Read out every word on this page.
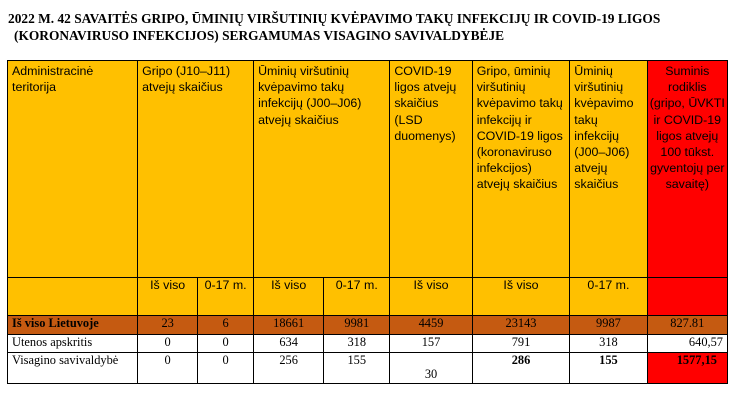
2022 M. 42 SAVAITĖS GRIPO, ŪMINIŲ VIRŠUTINIŲ KVĖPAVIMO TAKŲ INFEKCIJŲ IR COVID-19 LIGOS
(KORONAVIRUSO INFEKCIJOS) SERGAMUMAS VISAGINO SAVIVALDYBĖJE
Administracinė teritorija	Gripo (J10–J11) atvejų skaičius		Ūminių viršutinių kvėpavimo takų infekcijų (J00–J06) atvejų skaičius		COVID-19 ligos atvejų skaičius (LSD duomenys)	Gripo, ūminių viršutinių kvėpavimo takų infekcijų ir COVID-19 ligos (koronaviruso infekcijos) atvejų skaičius	Ūminių viršutinių kvėpavimo takų infekcijų (J00–J06) atvejų skaičius	Suminis rodiklis (gripo, ŪVKTI ir COVID-19 ligos atvejų 100 tūkst. gyventojų per savaitę)
	Iš viso	0-17 m.	Iš viso	0-17 m.	Iš viso	Iš viso	0-17 m.	
Iš viso Lietuvoje	23	6	18661	9981	4459	23143	9987	827.81
Utenos apskritis	0	0	634	318	157	791	318	640,57
Visagino savivaldybė	0	0	256	155	30	286	155	1577,15
